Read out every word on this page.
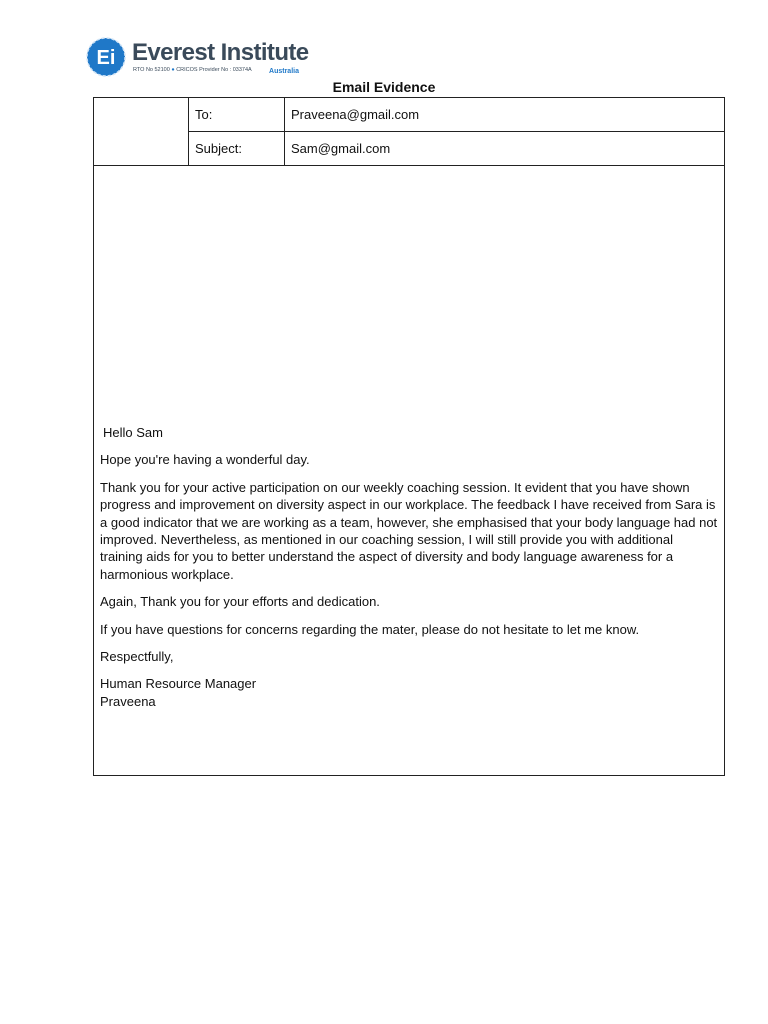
Ei Everest Institute
RTO No 52100 ● CRICOS Provider No : 03374A Australia
Email Evidence
	To:	Praveena@gmail.com
	Subject:	Sam@gmail.com

Hello Sam

Hope you're having a wonderful day.

Thank you for your active participation on our weekly coaching session. It evident that you have shown progress and improvement on diversity aspect in our workplace. The feedback I have received from Sara is a good indicator that we are working as a team, however, she emphasised that your body language had not improved. Nevertheless, as mentioned in our coaching session, I will still provide you with additional training aids for you to better understand the aspect of diversity and body language awareness for a harmonious workplace.

Again, Thank you for your efforts and dedication.

If you have questions for concerns regarding the mater, please do not hesitate to let me know.

Respectfully,

Human Resource Manager
Praveena
